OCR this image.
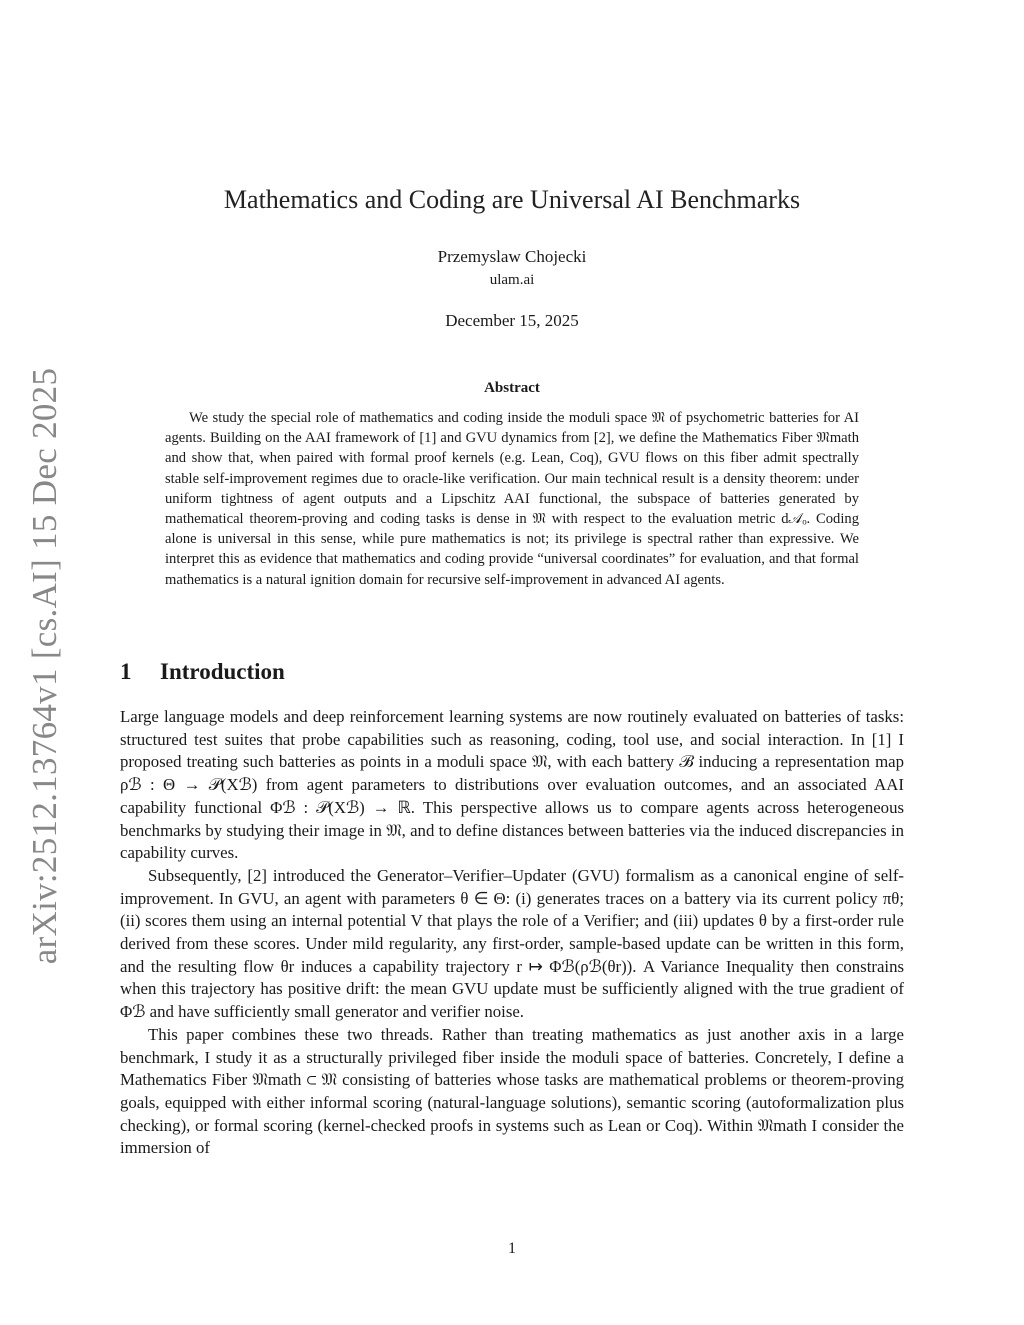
arXiv:2512.13764v1 [cs.AI] 15 Dec 2025
Mathematics and Coding are Universal AI Benchmarks
Przemyslaw Chojecki
ulam.ai
December 15, 2025
Abstract

We study the special role of mathematics and coding inside the moduli space 𝔐 of psychometric batteries for AI agents. Building on the AAI framework of [1] and GVU dynamics from [2], we define the Mathematics Fiber 𝔐math and show that, when paired with formal proof kernels (e.g. Lean, Coq), GVU flows on this fiber admit spectrally stable self-improvement regimes due to oracle-like verification. Our main technical result is a density theorem: under uniform tightness of agent outputs and a Lipschitz AAI functional, the subspace of batteries generated by mathematical theorem-proving and coding tasks is dense in 𝔐 with respect to the evaluation metric d𝒜ₒ. Coding alone is universal in this sense, while pure mathematics is not; its privilege is spectral rather than expressive. We interpret this as evidence that mathematics and coding provide “universal coordinates” for evaluation, and that formal mathematics is a natural ignition domain for recursive self-improvement in advanced AI agents.

1 Introduction

Large language models and deep reinforcement learning systems are now routinely evaluated on batteries of tasks: structured test suites that probe capabilities such as reasoning, coding, tool use, and social interaction. In [1] I proposed treating such batteries as points in a moduli space 𝔐, with each battery ℬ inducing a representation map ρℬ : Θ → 𝒫(Xℬ) from agent parameters to distributions over evaluation outcomes, and an associated AAI capability functional Φℬ : 𝒫(Xℬ) → ℝ. This perspective allows us to compare agents across heterogeneous benchmarks by studying their image in 𝔐, and to define distances between batteries via the induced discrepancies in capability curves.

Subsequently, [2] introduced the Generator–Verifier–Updater (GVU) formalism as a canonical engine of self-improvement. In GVU, an agent with parameters θ ∈ Θ: (i) generates traces on a battery via its current policy πθ; (ii) scores them using an internal potential V that plays the role of a Verifier; and (iii) updates θ by a first-order rule derived from these scores. Under mild regularity, any first-order, sample-based update can be written in this form, and the resulting flow θr induces a capability trajectory r ↦ Φℬ(ρℬ(θr)). A Variance Inequality then constrains when this trajectory has positive drift: the mean GVU update must be sufficiently aligned with the true gradient of Φℬ and have sufficiently small generator and verifier noise.

This paper combines these two threads. Rather than treating mathematics as just another axis in a large benchmark, I study it as a structurally privileged fiber inside the moduli space of batteries. Concretely, I define a Mathematics Fiber 𝔐math ⊂ 𝔐 consisting of batteries whose tasks are mathematical problems or theorem-proving goals, equipped with either informal scoring (natural-language solutions), semantic scoring (autoformalization plus checking), or formal scoring (kernel-checked proofs in systems such as Lean or Coq). Within 𝔐math I consider the immersion of

1
